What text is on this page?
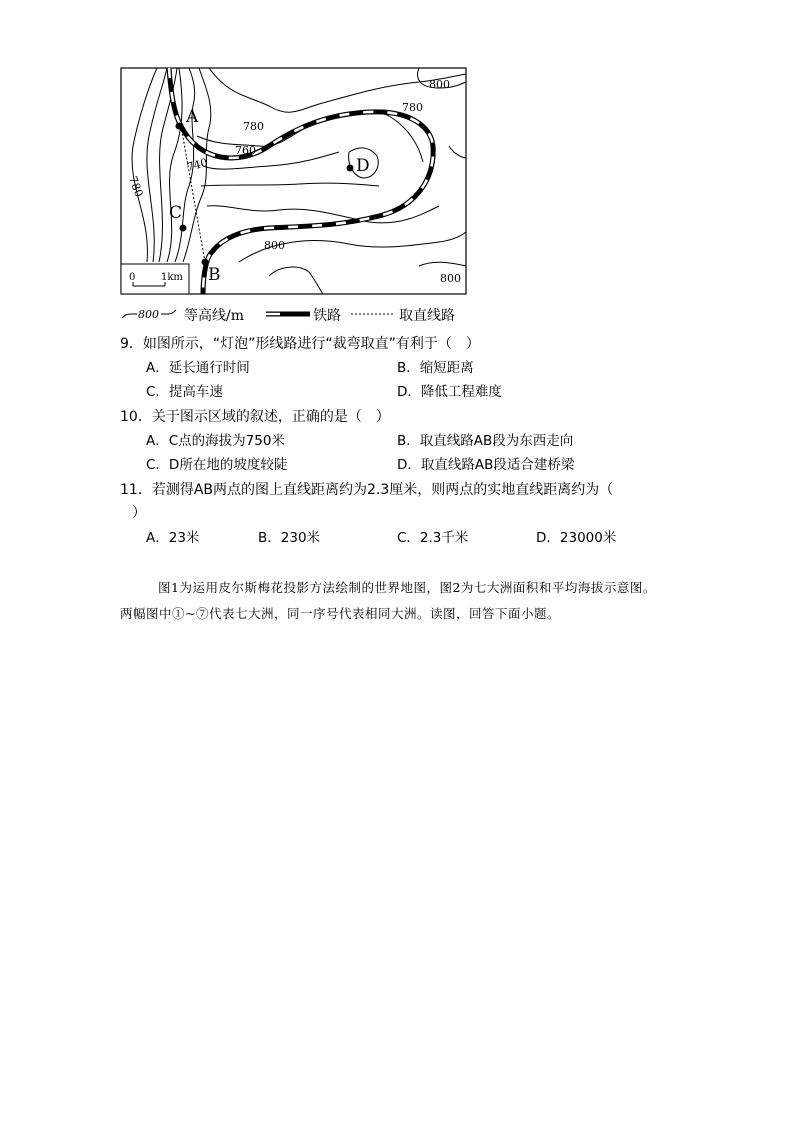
A
C
B
D
800
780
780
760
740
780
800
800
0	1km
800 等高线/m	铁路	取直线路
9．如图所示，“灯泡”形线路进行“裁弯取直”有利于（　）
A．延长通行时间	B．缩短距离
C．提高车速	D．降低工程难度
10．关于图示区域的叙述，正确的是（　）
A．C点的海拔为750米	B．取直线路AB段为东西走向
C．D所在地的坡度较陡	D．取直线路AB段适合建桥梁
11．若测得AB两点的图上直线距离约为2.3厘米，则两点的实地直线距离约为（
）
A．23米	B．230米	C．2.3千米	D．23000米
图1为运用皮尔斯梅花投影方法绘制的世界地图，图2为七大洲面积和平均海拔示意图。两幅图中①~⑦代表七大洲，同一序号代表相同大洲。读图，回答下面小题。
